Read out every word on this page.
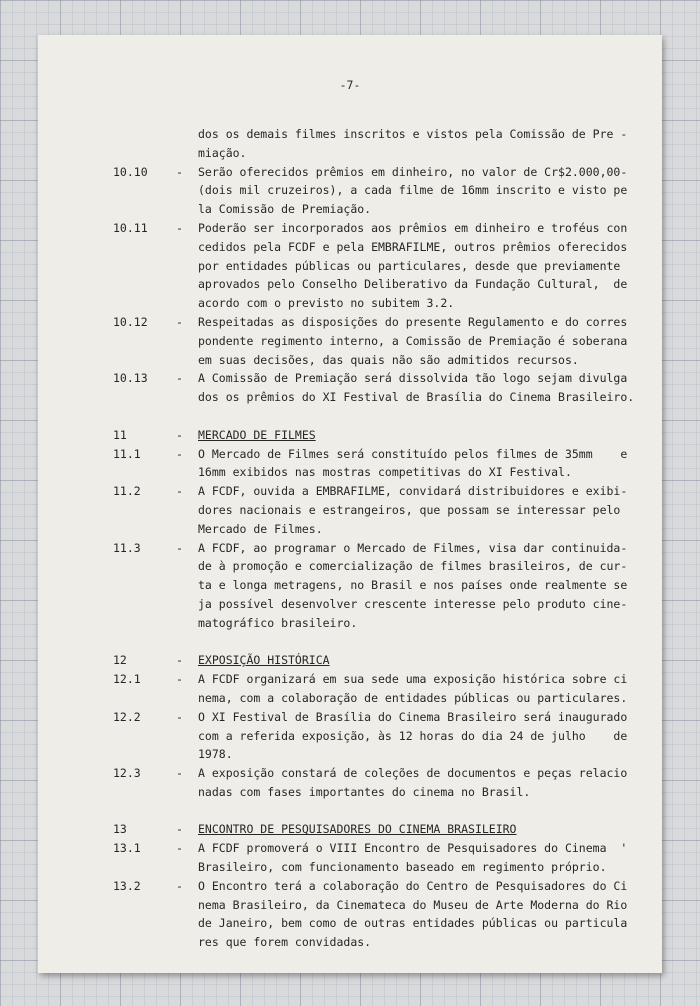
-7-
dos os demais filmes inscritos e vistos pela Comissão de Pre -
miação.
10.10	-	Serão oferecidos prêmios em dinheiro, no valor de Cr$2.000,00-
(dois mil cruzeiros), a cada filme de 16mm inscrito e visto pe
la Comissão de Premiação.
10.11	-	Poderão ser incorporados aos prêmios em dinheiro e troféus con
cedidos pela FCDF e pela EMBRAFILME, outros prêmios oferecidos
por entidades públicas ou particulares, desde que previamente
aprovados pelo Conselho Deliberativo da Fundação Cultural,  de
acordo com o previsto no subitem 3.2.
10.12	-	Respeitadas as disposições do presente Regulamento e do corres
pondente regimento interno, a Comissão de Premiação é soberana
em suas decisões, das quais não são admitidos recursos.
10.13	-	A Comissão de Premiação será dissolvida tão logo sejam divulga
dos os prêmios do XI Festival de Brasília do Cinema Brasileiro.
11	-	MERCADO DE FILMES
11.1	-	O Mercado de Filmes será constituído pelos filmes de 35mm    e
16mm exibidos nas mostras competitivas do XI Festival.
11.2	-	A FCDF, ouvida a EMBRAFILME, convidará distribuidores e exibi-
dores nacionais e estrangeiros, que possam se interessar pelo
Mercado de Filmes.
11.3	-	A FCDF, ao programar o Mercado de Filmes, visa dar continuida-
de à promoção e comercialização de filmes brasileiros, de cur-
ta e longa metragens, no Brasil e nos países onde realmente se
ja possível desenvolver crescente interesse pelo produto cine-
matográfico brasileiro.
12	-	EXPOSIÇÃO HISTÓRICA
12.1	-	A FCDF organizará em sua sede uma exposição histórica sobre ci
nema, com a colaboração de entidades públicas ou particulares.
12.2	-	O XI Festival de Brasília do Cinema Brasileiro será inaugurado
com a referida exposição, às 12 horas do dia 24 de julho    de
1978.
12.3	-	A exposição constará de coleções de documentos e peças relacio
nadas com fases importantes do cinema no Brasil.
13	-	ENCONTRO DE PESQUISADORES DO CINEMA BRASILEIRO
13.1	-	A FCDF promoverá o VIII Encontro de Pesquisadores do Cinema  '
Brasileiro, com funcionamento baseado em regimento próprio.
13.2	-	O Encontro terá a colaboração do Centro de Pesquisadores do Ci
nema Brasileiro, da Cinemateca do Museu de Arte Moderna do Rio
de Janeiro, bem como de outras entidades públicas ou particula
res que forem convidadas.
